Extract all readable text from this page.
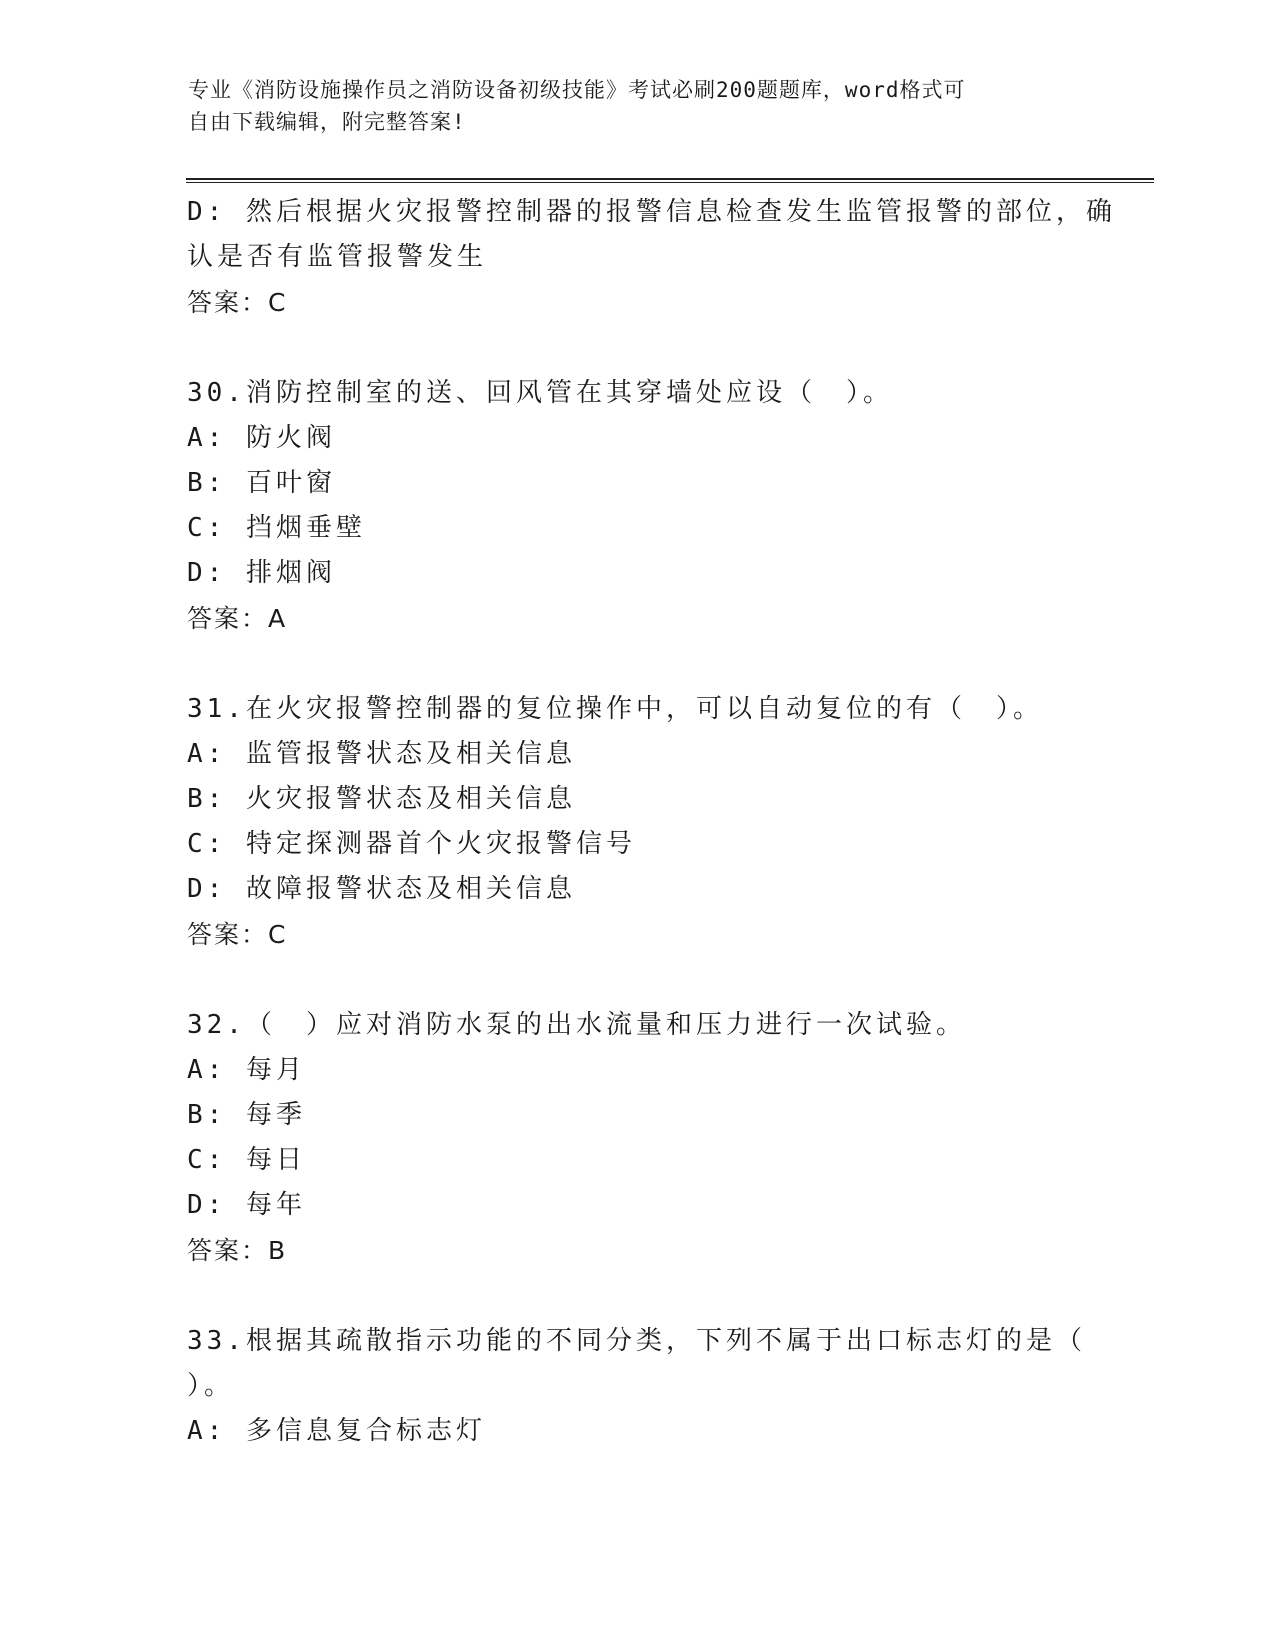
专业《消防设施操作员之消防设备初级技能》考试必刷200题题库，word格式可
自由下载编辑，附完整答案!
D: 然后根据火灾报警控制器的报警信息检查发生监管报警的部位，确
认是否有监管报警发生
答案：C
30.消防控制室的送、回风管在其穿墙处应设（　）。
A: 防火阀
B: 百叶窗
C: 挡烟垂壁
D: 排烟阀
答案：A
31.在火灾报警控制器的复位操作中，可以自动复位的有（　）。
A: 监管报警状态及相关信息
B: 火灾报警状态及相关信息
C: 特定探测器首个火灾报警信号
D: 故障报警状态及相关信息
答案：C
32.（　）应对消防水泵的出水流量和压力进行一次试验。
A: 每月
B: 每季
C: 每日
D: 每年
答案：B
33.根据其疏散指示功能的不同分类，下列不属于出口标志灯的是（
）。
A: 多信息复合标志灯
